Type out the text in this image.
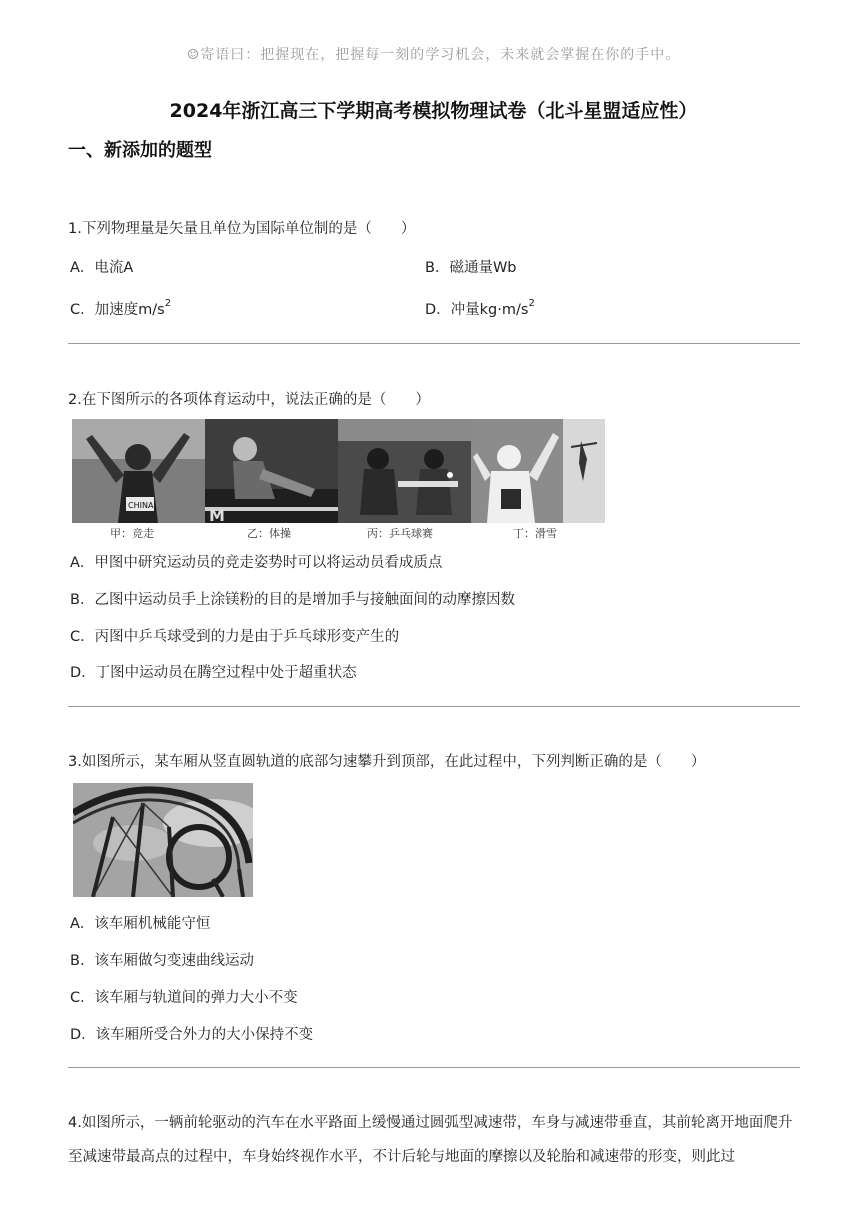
☺寄语曰：把握现在，把握每一刻的学习机会，未来就会掌握在你的手中。
2024年浙江高三下学期高考模拟物理试卷（北斗星盟适应性）
一、新添加的题型
1.下列物理量是矢量且单位为国际单位制的是（　　）
A．电流A	B．磁通量Wb
C．加速度$m/s^2$	D．冲量$kg\cdot m/s^2$
2.在下图所示的各项体育运动中，说法正确的是（　　）
CHINA
M
甲：竞走	乙：体操	丙：乒乓球赛	丁：滑雪
A．甲图中研究运动员的竞走姿势时可以将运动员看成质点
B．乙图中运动员手上涂镁粉的目的是增加手与接触面间的动摩擦因数
C．丙图中乒乓球受到的力是由于乒乓球形变产生的
D．丁图中运动员在腾空过程中处于超重状态
3.如图所示，某车厢从竖直圆轨道的底部匀速攀升到顶部，在此过程中，下列判断正确的是（　　）
A．该车厢机械能守恒
B．该车厢做匀变速曲线运动
C．该车厢与轨道间的弹力大小不变
D．该车厢所受合外力的大小保持不变
4.如图所示，一辆前轮驱动的汽车在水平路面上缓慢通过圆弧型减速带，车身与减速带垂直，其前轮离开地面爬升至减速带最高点的过程中，车身始终视作水平，不计后轮与地面的摩擦以及轮胎和减速带的形变，则此过
